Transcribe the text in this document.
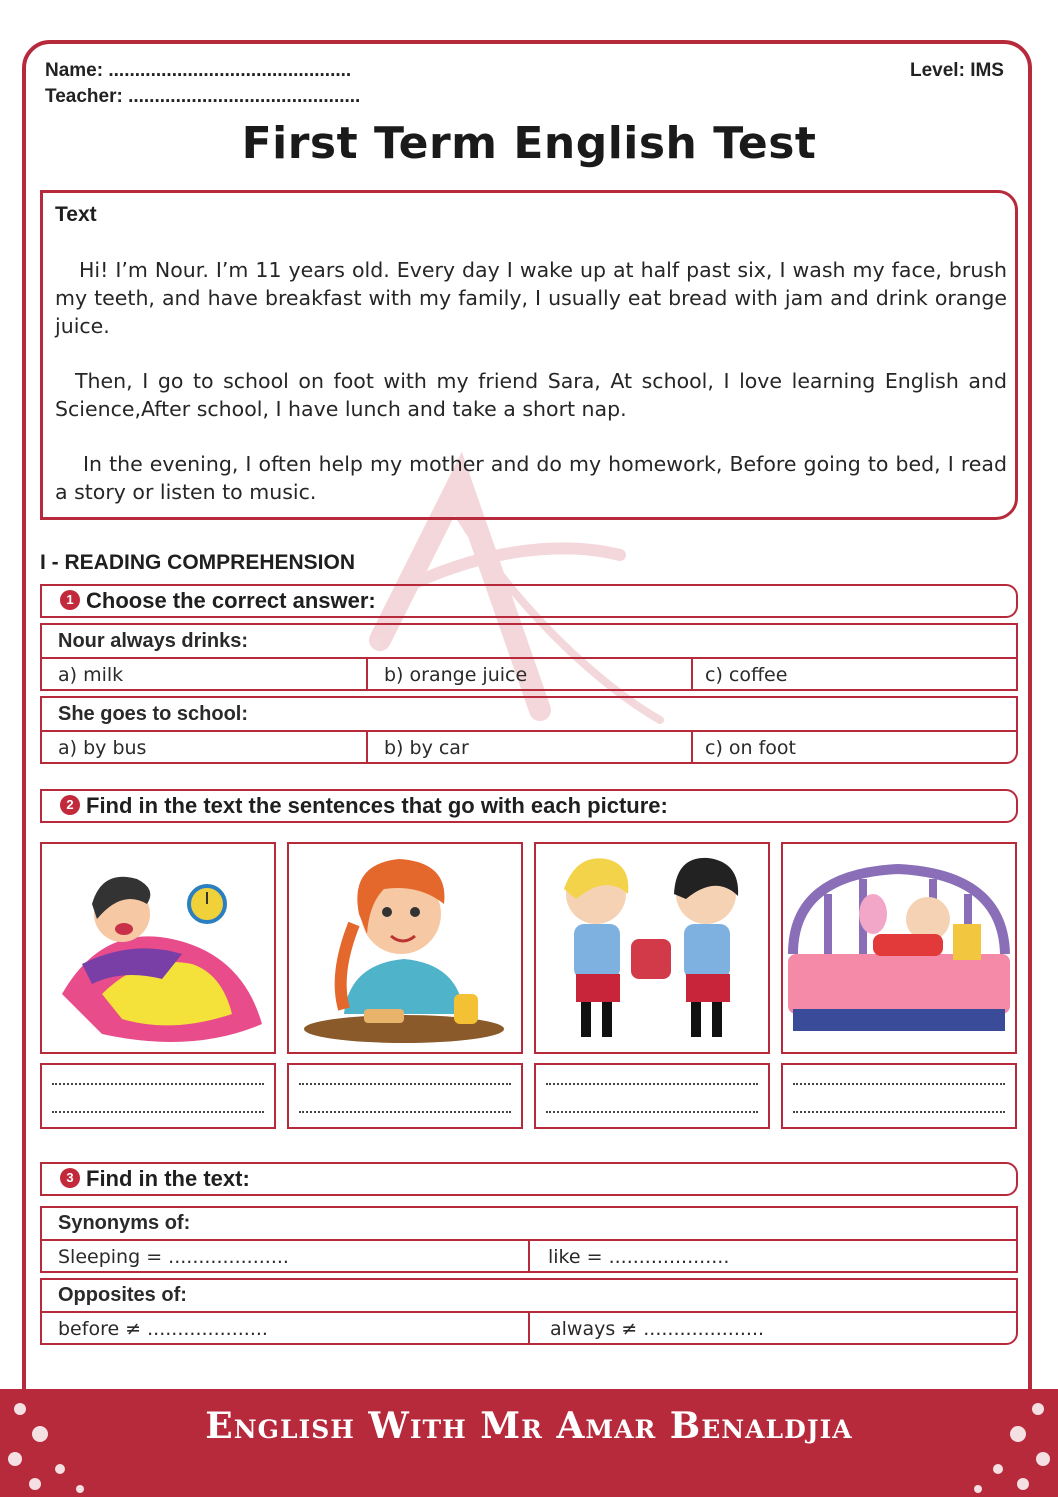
Name: ..............................................
Teacher: ............................................
Level: IMS
First Term English Test
Text
Hi! I’m Nour. I’m 11 years old. Every day I wake up at half past six, I wash my face, brush my teeth, and have breakfast with my family, I usually eat bread with jam and drink orange juice.
Then, I go to school on foot with my friend Sara, At school, I love learning English and Science,After school, I have lunch and take a short nap.
In the evening, I often help my mother and do my homework, Before going to bed, I read a story or listen to music.
I - READING COMPREHENSION
1 Choose the correct answer:
Nour always drinks:
a) milk	b) orange juice	c) coffee
She goes to school:
a) by bus	b) by car	c) on foot
2 Find in the text the sentences that go with each picture:
3 Find in the text:
Synonyms of:
Sleeping = ....................	like = ....................
Opposites of:
before ≠ ....................	always ≠ ....................
English With Mr Amar Benaldjia
